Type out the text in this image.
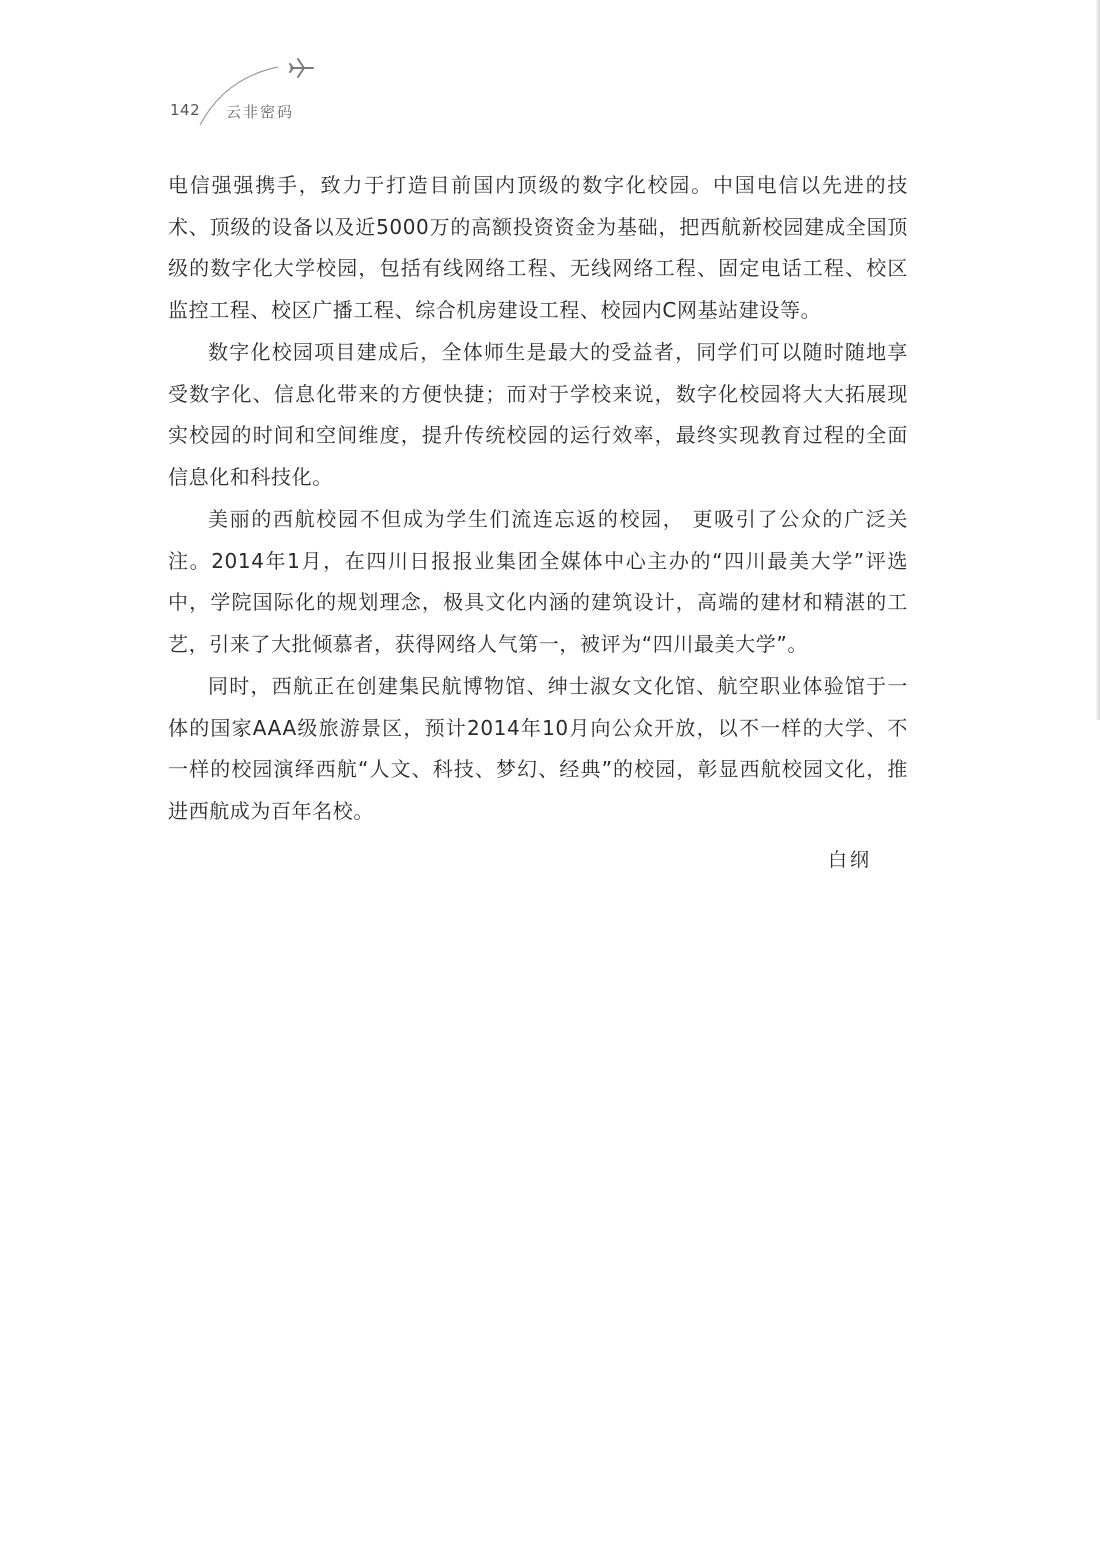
142 云非密码

电信强强携手，致力于打造目前国内顶级的数字化校园。中国电信以先进的技术、顶级的设备以及近5000万的高额投资资金为基础，把西航新校园建成全国顶级的数字化大学校园，包括有线网络工程、无线网络工程、固定电话工程、校区监控工程、校区广播工程、综合机房建设工程、校园内C网基站建设等。

数字化校园项目建成后，全体师生是最大的受益者，同学们可以随时随地享受数字化、信息化带来的方便快捷；而对于学校来说，数字化校园将大大拓展现实校园的时间和空间维度，提升传统校园的运行效率，最终实现教育过程的全面信息化和科技化。

美丽的西航校园不但成为学生们流连忘返的校园， 更吸引了公众的广泛关注。2014年1月，在四川日报报业集团全媒体中心主办的“四川最美大学”评选中，学院国际化的规划理念，极具文化内涵的建筑设计，高端的建材和精湛的工艺，引来了大批倾慕者，获得网络人气第一，被评为“四川最美大学”。

同时，西航正在创建集民航博物馆、绅士淑女文化馆、航空职业体验馆于一体的国家AAA级旅游景区，预计2014年10月向公众开放，以不一样的大学、不一样的校园演绎西航“人文、科技、梦幻、经典”的校园，彰显西航校园文化，推进西航成为百年名校。

白纲
